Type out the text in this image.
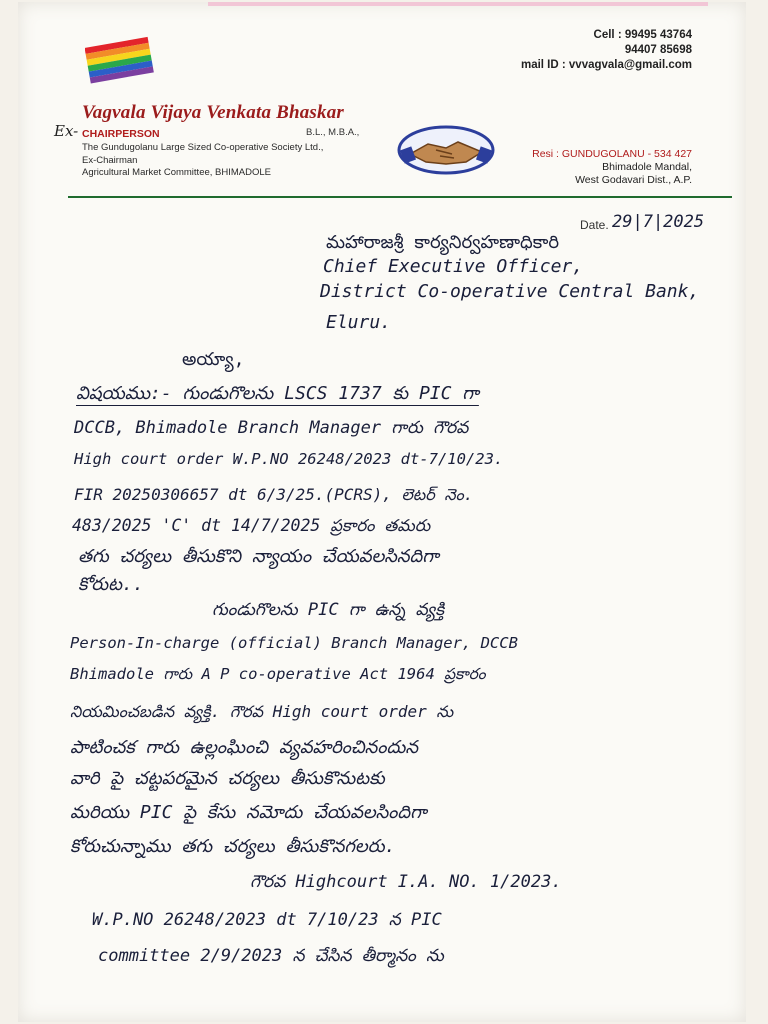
Cell : 99495 43764
94407 85698
mail ID : vvvagvala@gmail.com
Vagvala Vijaya Venkata Bhaskar
B.L., M.B.A.,
Ex- CHAIRPERSON
The Gundugolanu Large Sized Co-operative Society Ltd.,
Ex-Chairman
Agricultural Market Committee, BHIMADOLE
Resi : GUNDUGOLANU - 534 427
Bhimadole Mandal,
West Godavari Dist., A.P.
Date. 29|7|2025
మహారాజశ్రీ కార్యనిర్వహణాధికారి
Chief Executive Officer,
District Co-operative Central Bank,
Eluru.
అయ్యా,
విషయము:- గుండుగొలను LSCS 1737 కు PIC గా
DCCB, Bhimadole Branch Manager గారు గౌరవ
High court order W.P.NO 26248/2023 dt-7/10/23.
FIR 20250306657 dt 6/3/25.(PCRS), లెటర్ నెం.
483/2025 'C' dt 14/7/2025 ప్రకారం తమరు
తగు చర్యలు తీసుకొని న్యాయం చేయవలసినదిగా
కోరుట..
గుండుగొలను PIC గా ఉన్న వ్యక్తి
Person-In-charge (official) Branch Manager, DCCB
Bhimadole గారు A P co-operative Act 1964 ప్రకారం
నియమించబడిన వ్యక్తి. గౌరవ High court order ను
పాటించక గారు ఉల్లంఘించి వ్యవహరించినందున
వారి పై చట్టపరమైన చర్యలు తీసుకొనుటకు
మరియు PIC పై కేసు నమోదు చేయవలసిందిగా
కోరుచున్నాము తగు చర్యలు తీసుకొనగలరు.
గౌరవ Highcourt I.A. NO. 1/2023.
W.P.NO 26248/2023 dt 7/10/23 న PIC
committee 2/9/2023 న చేసిన తీర్మానం ను
